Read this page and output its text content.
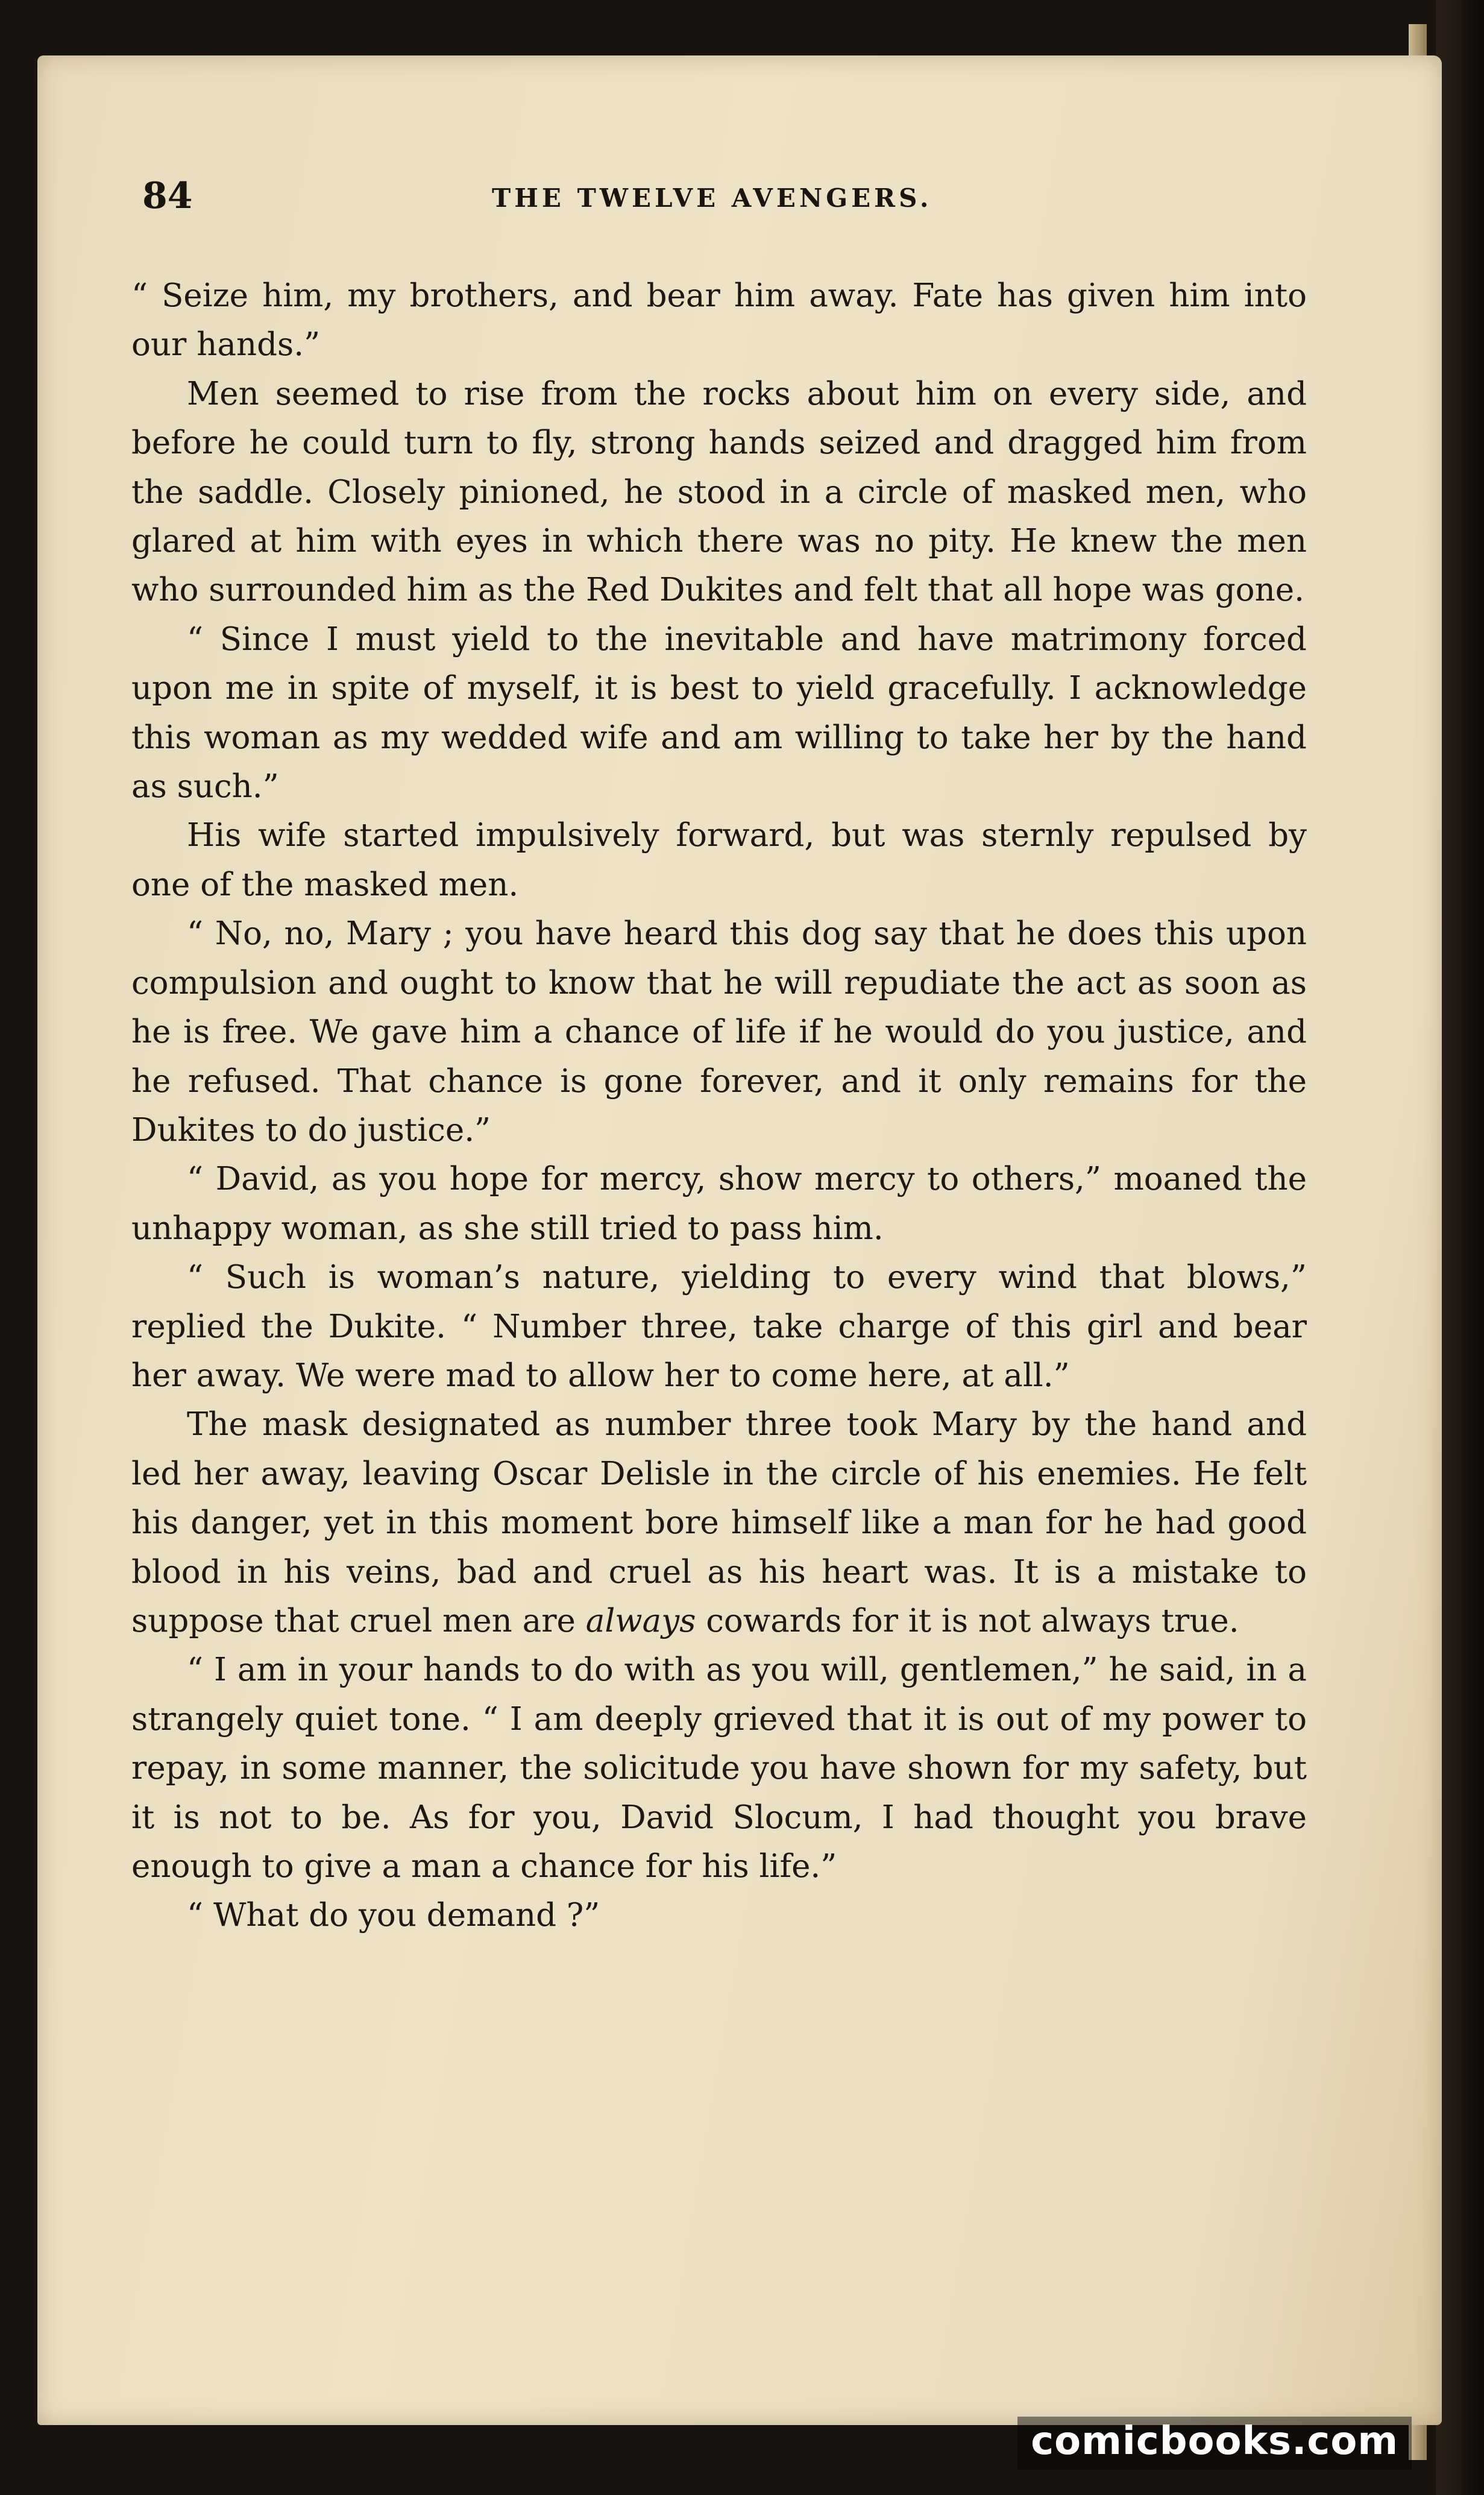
84	THE TWELVE AVENGERS.

“ Seize him, my brothers, and bear him away. Fate has given him into our hands.”

Men seemed to rise from the rocks about him on every side, and before he could turn to fly, strong hands seized and dragged him from the saddle. Closely pinioned, he stood in a circle of masked men, who glared at him with eyes in which there was no pity. He knew the men who surrounded him as the Red Dukites and felt that all hope was gone.

“ Since I must yield to the inevitable and have matrimony forced upon me in spite of myself, it is best to yield gracefully. I acknowledge this woman as my wedded wife and am willing to take her by the hand as such.”

His wife started impulsively forward, but was sternly repulsed by one of the masked men.

“ No, no, Mary ; you have heard this dog say that he does this upon compulsion and ought to know that he will repudiate the act as soon as he is free. We gave him a chance of life if he would do you justice, and he refused. That chance is gone forever, and it only remains for the Dukites to do justice.”

“ David, as you hope for mercy, show mercy to others,” moaned the unhappy woman, as she still tried to pass him.

“ Such is woman’s nature, yielding to every wind that blows,” replied the Dukite. “ Number three, take charge of this girl and bear her away. We were mad to allow her to come here, at all.”

The mask designated as number three took Mary by the hand and led her away, leaving Oscar Delisle in the circle of his enemies. He felt his danger, yet in this moment bore himself like a man for he had good blood in his veins, bad and cruel as his heart was. It is a mistake to suppose that cruel men are always cowards for it is not always true.

“ I am in your hands to do with as you will, gentlemen,” he said, in a strangely quiet tone. “ I am deeply grieved that it is out of my power to repay, in some manner, the solicitude you have shown for my safety, but it is not to be. As for you, David Slocum, I had thought you brave enough to give a man a chance for his life.”

“ What do you demand ?”

comicbooks.com
